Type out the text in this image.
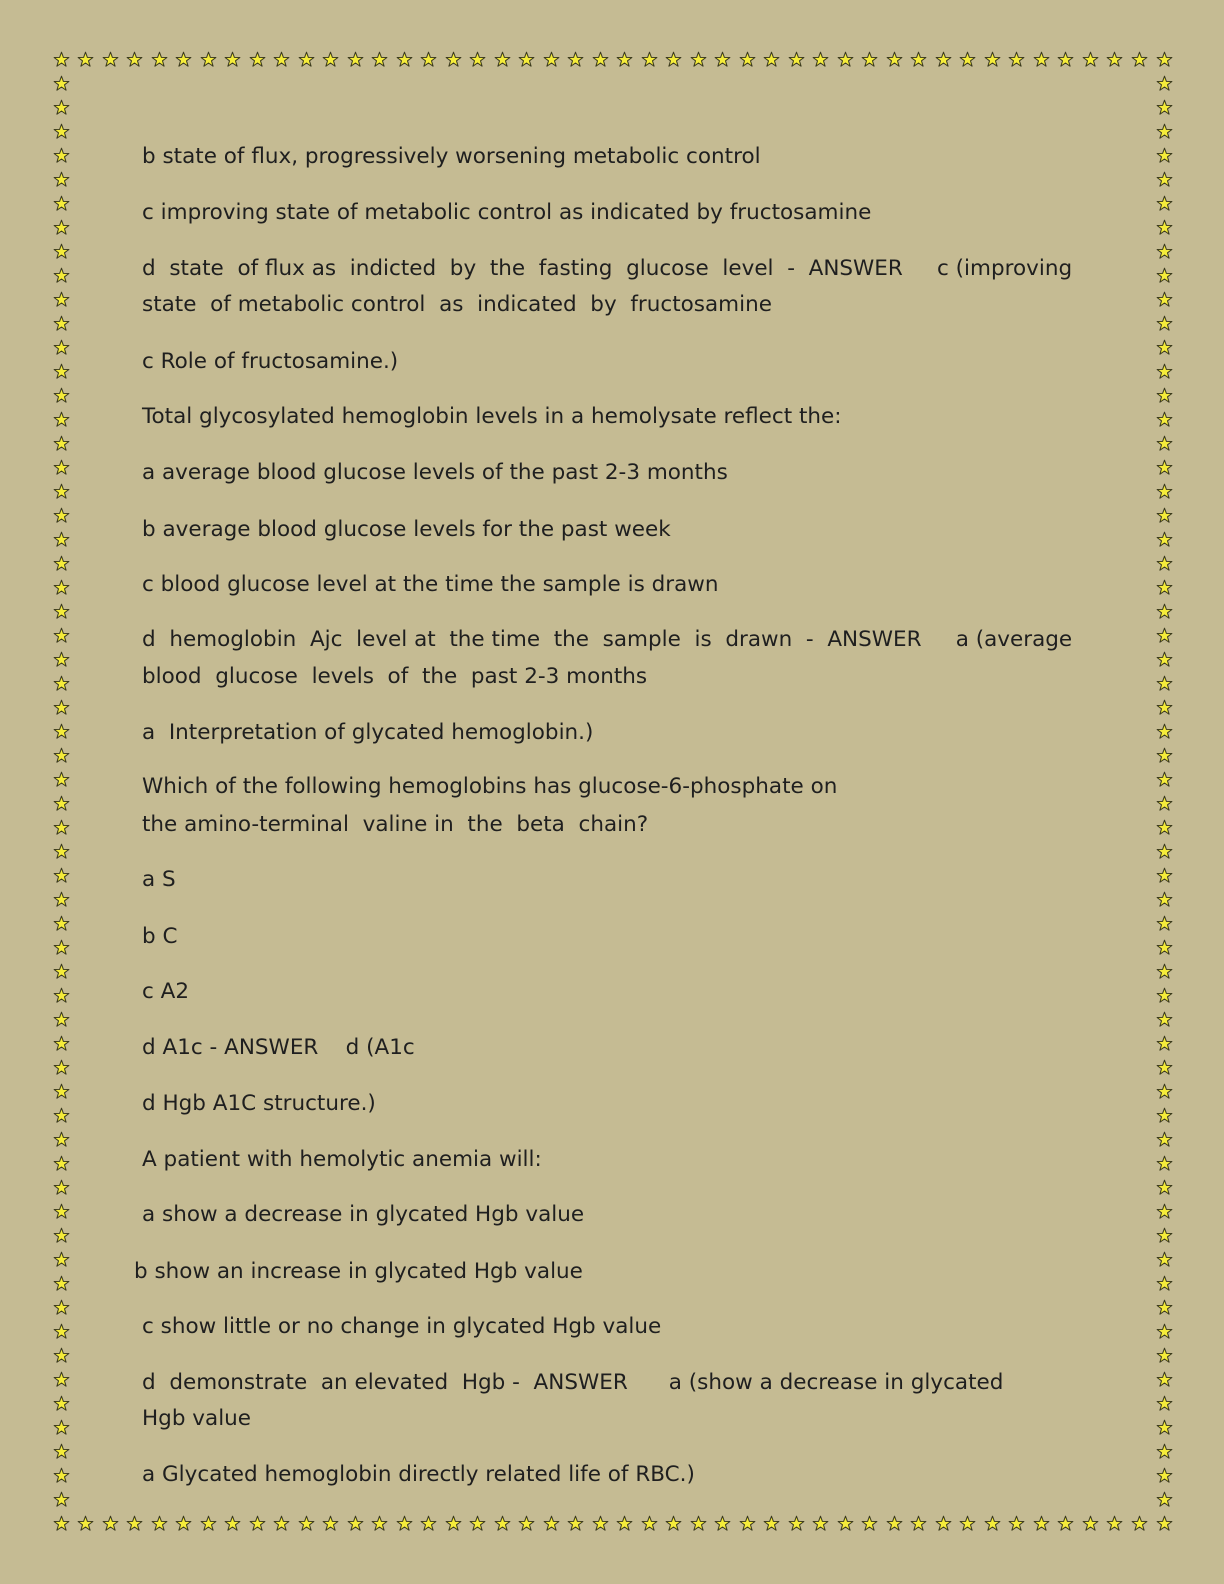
b state of flux, progressively worsening metabolic control

c improving state of metabolic control as indicated by fructosamine

d  state  of flux as  indicted  by  the  fasting  glucose  level  -  ANSWER     c (improving

state  of metabolic control  as  indicated  by  fructosamine

c Role of fructosamine.)

Total glycosylated hemoglobin levels in a hemolysate reflect the:

a average blood glucose levels of the past 2-3 months

b average blood glucose levels for the past week

c blood glucose level at the time the sample is drawn

d  hemoglobin  Ajc  level at  the time  the  sample  is  drawn  -  ANSWER     a (average

blood  glucose  levels  of  the  past 2-3 months

a  Interpretation of glycated hemoglobin.)

Which of the following hemoglobins has glucose-6-phosphate on

the amino-terminal  valine in  the  beta  chain?

a S

b C

c A2

d A1c - ANSWER    d (A1c

d Hgb A1C structure.)

A patient with hemolytic anemia will:

a show a decrease in glycated Hgb value

b show an increase in glycated Hgb value

c show little or no change in glycated Hgb value

d  demonstrate  an elevated  Hgb -  ANSWER      a (show a decrease in glycated

Hgb value

a Glycated hemoglobin directly related life of RBC.)
